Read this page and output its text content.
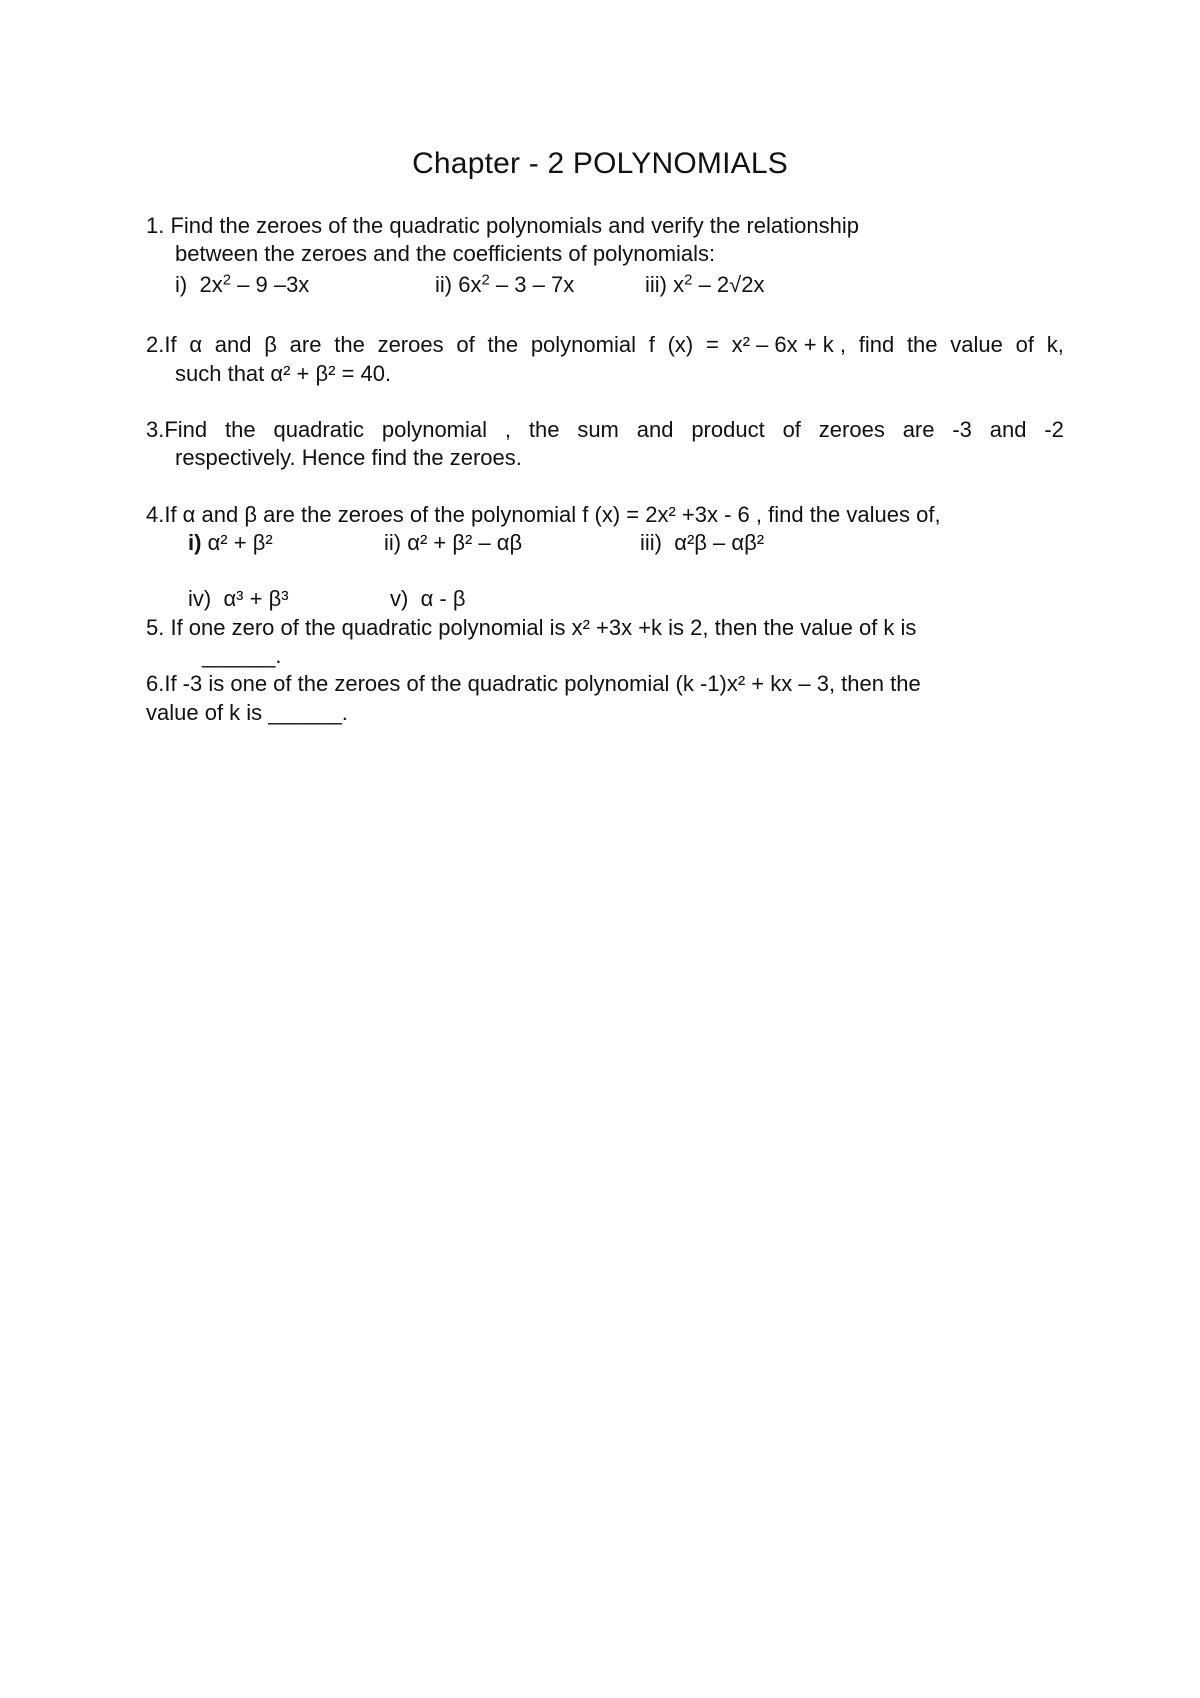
Chapter - 2 POLYNOMIALS
1. Find the zeroes of the quadratic polynomials and verify the relationship
between the zeroes and the coefficients of polynomials:
i) $2x^2 - 9$ –3x	ii) $6x^2 - 3 - 7x$	iii) $x^2 - 2√2x$
2.If α and β are the zeroes of the polynomial f (x) = x² – 6x + k , find the value of k,
such that α² + β² = 40.
3.Find the quadratic polynomial , the sum and product of zeroes are -3 and -2
respectively. Hence find the zeroes.
4.If α and β are the zeroes of the polynomial f (x) = 2x² +3x - 6 , find the values of,
i) α² + β²	ii) α² + β² – αβ	iii) α²β – αβ²
iv) α³ + β³	v) α - β
5. If one zero of the quadratic polynomial is x² +3x +k is 2, then the value of k is
______.
6.If -3 is one of the zeroes of the quadratic polynomial (k -1)x² + kx – 3, then the
value of k is ______.
